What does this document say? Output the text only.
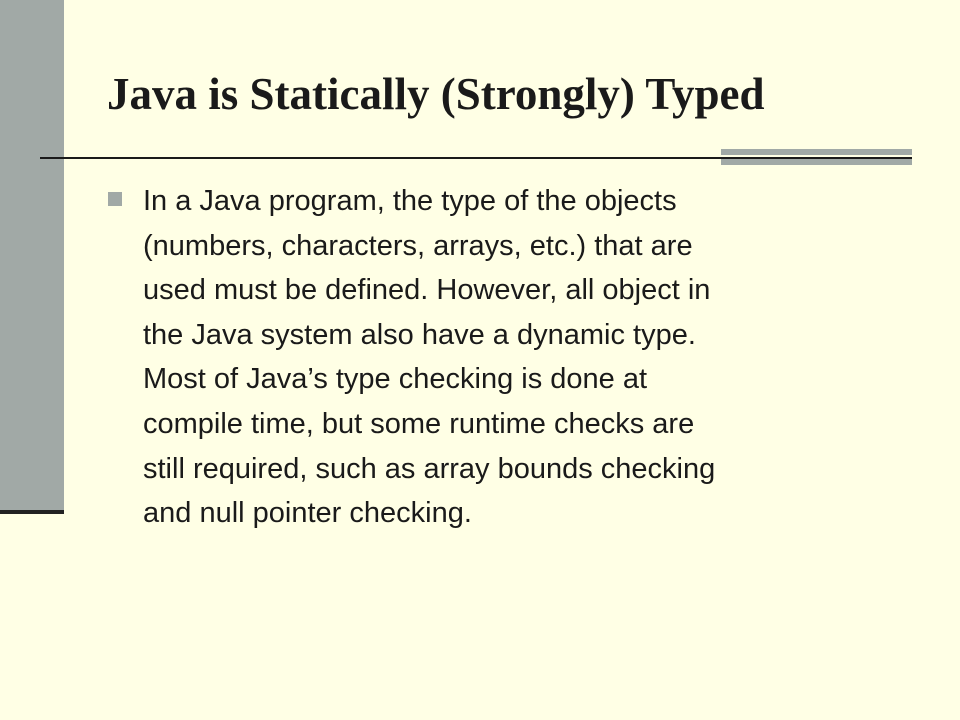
Java is Statically (Strongly) Typed

In a Java program, the type of the objects
(numbers, characters, arrays, etc.) that are
used must be defined. However, all object in
the Java system also have a dynamic type.
Most of Java’s type checking is done at
compile time, but some runtime checks are
still required, such as array bounds checking
and null pointer checking.
